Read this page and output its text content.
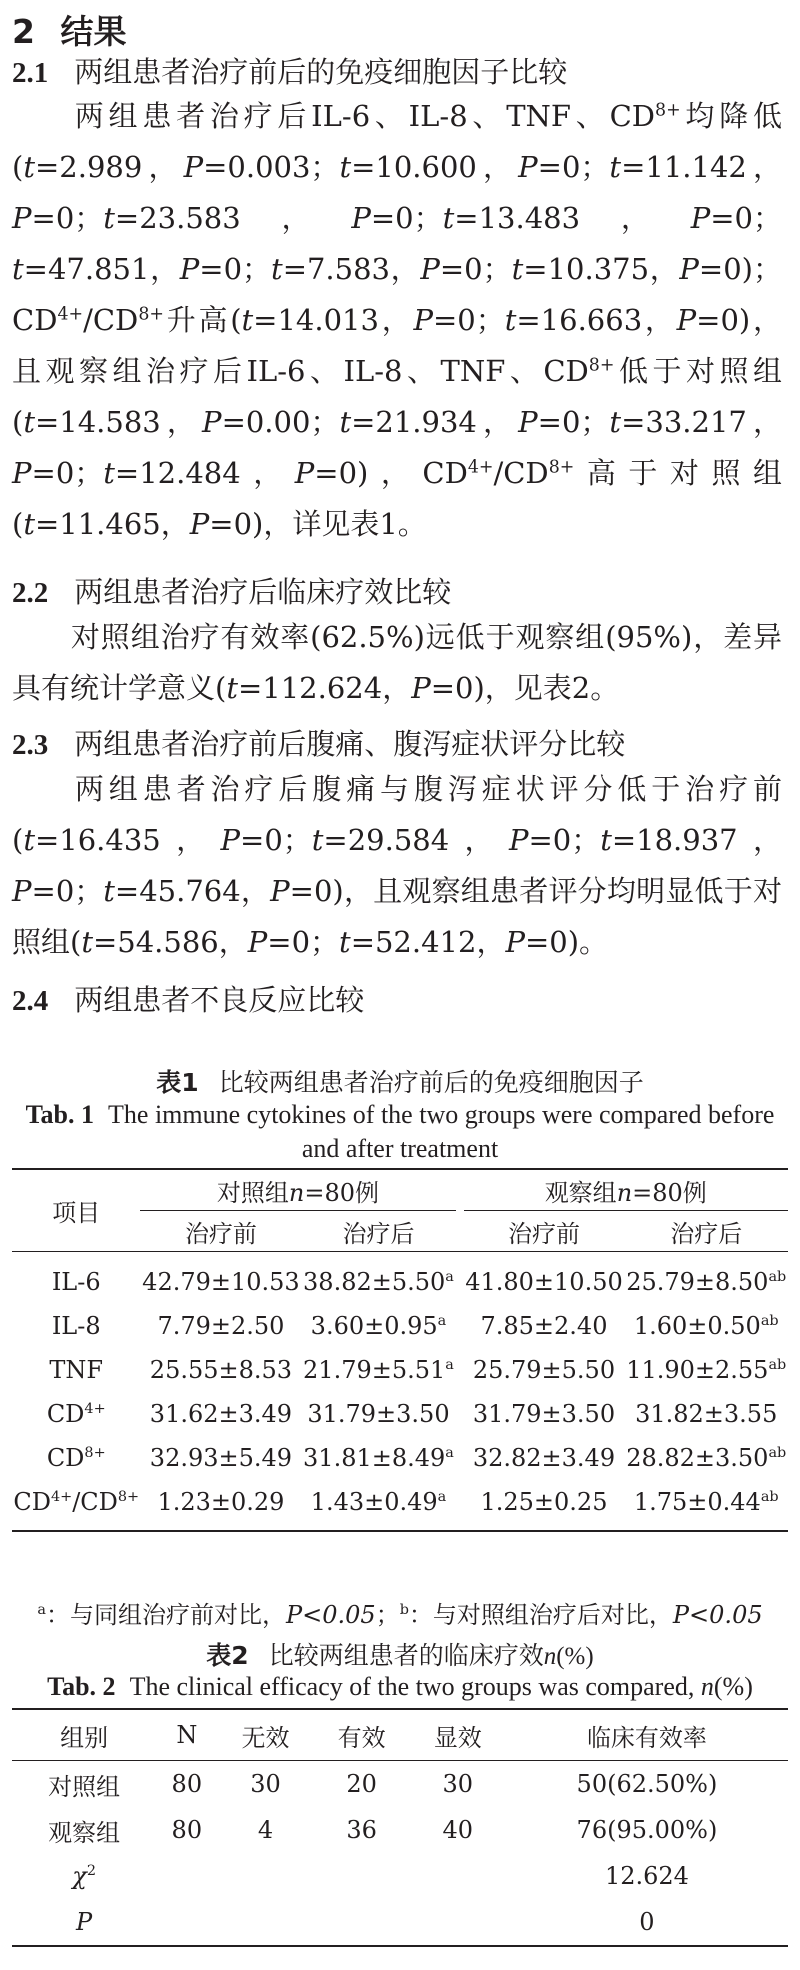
2 结果
2.1 两组患者治疗前后的免疫细胞因子比较
两组患者治疗后IL-6、IL-8、TNF、$CD^{8+}$均降低(t=2.989，P=0.003；t=10.600，P=0；t=11.142，P=0；t=23.583，P=0；t=13.483，P=0；t=47.851，P=0；t=7.583，P=0；t=10.375，P=0)；$CD^{4+}/CD^{8+}$升高(t=14.013，P=0；t=16.663，P=0)，且观察组治疗后IL-6、IL-8、TNF、$CD^{8+}$低于对照组(t=14.583，P=0.00；t=21.934，P=0；t=33.217，P=0；t=12.484，P=0)，$CD^{4+}/CD^{8+}$高于对照组(t=11.465，P=0)，详见表1。
2.2 两组患者治疗后临床疗效比较
对照组治疗有效率(62.5%)远低于观察组(95%)，差异具有统计学意义(t=112.624，P=0)，见表2。
2.3 两组患者治疗前后腹痛、腹泻症状评分比较
两组患者治疗后腹痛与腹泻症状评分低于治疗前(t=16.435，P=0；t=29.584，P=0；t=18.937，P=0；t=45.764，P=0)，且观察组患者评分均明显低于对照组(t=54.586，P=0；t=52.412，P=0)。
2.4 两组患者不良反应比较
表1 比较两组患者治疗前后的免疫细胞因子
Tab. 1 The immune cytokines of the two groups were compared before and after treatment
项目	对照组n=80例			观察组n=80例	
	治疗前	治疗后		治疗前	治疗后
IL-6	42.79±10.53	38.82±5.50$^a$		41.80±10.50	25.79±8.50$^{ab}$
IL-8	7.79±2.50	3.60±0.95$^a$		7.85±2.40	1.60±0.50$^{ab}$
TNF	25.55±8.53	21.79±5.51$^a$		25.79±5.50	11.90±2.55$^{ab}$
$CD^{4+}$	31.62±3.49	31.79±3.50		31.79±3.50	31.82±3.55
$CD^{8+}$	32.93±5.49	31.81±8.49$^a$		32.82±3.49	28.82±3.50$^{ab}$
$CD^{4+}/CD^{8+}$	1.23±0.29	1.43±0.49$^a$		1.25±0.25	1.75±0.44$^{ab}$
$^a$：与同组治疗前对比，P<0.05；$^b$：与对照组治疗后对比，P<0.05
表2 比较两组患者的临床疗效n(%)
Tab. 2 The clinical efficacy of the two groups was compared, n(%)
组别	N	无效	有效	显效	临床有效率
对照组	80	30	20	30	50(62.50%)
观察组	80	4	36	40	76(95.00%)
$\chi^2$					12.624
P					0
